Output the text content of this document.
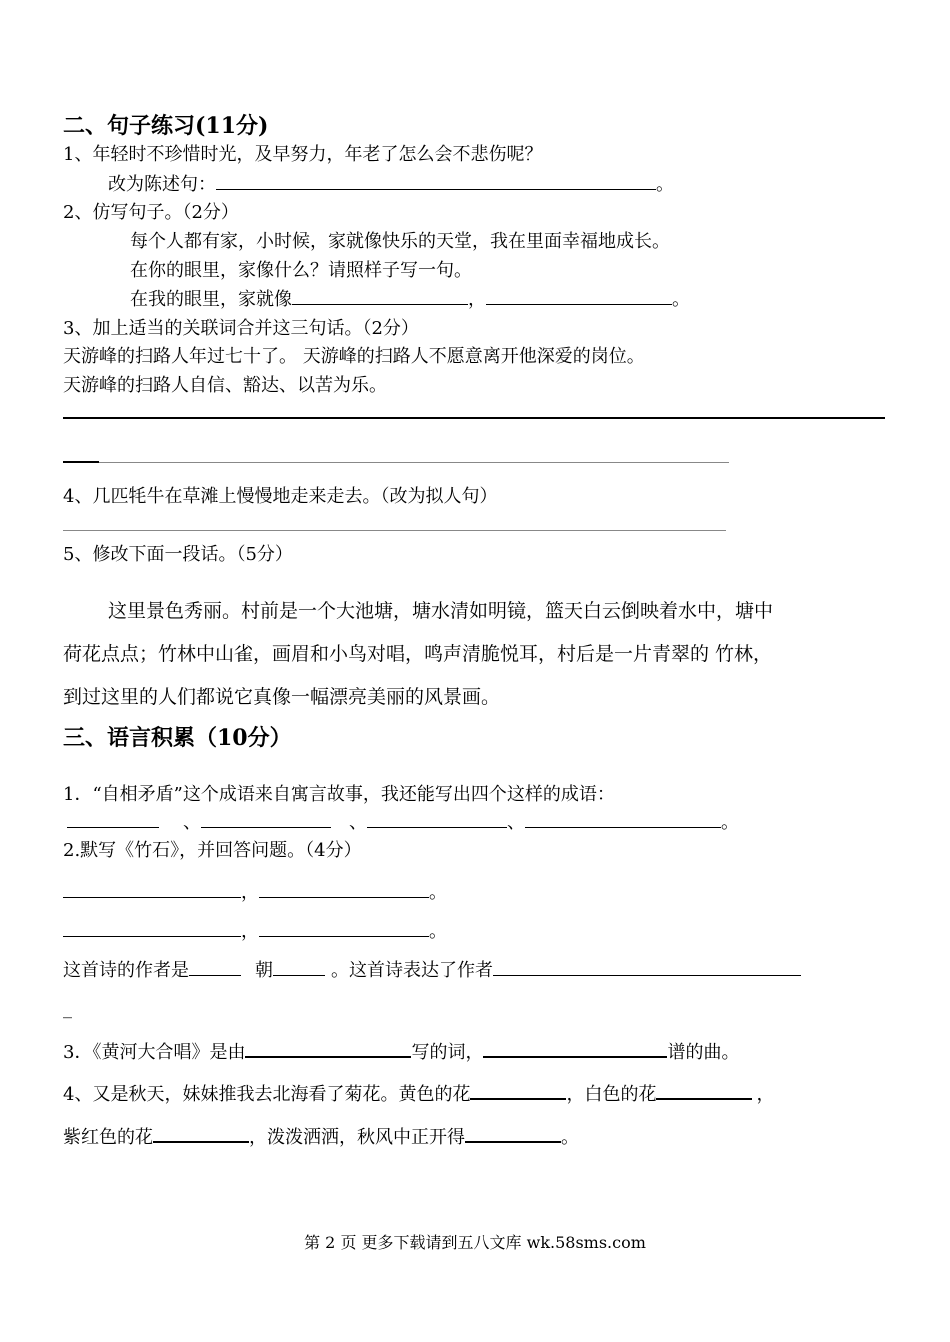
二、句子练习(11分)
1、年轻时不珍惜时光，及早努力，年老了怎么会不悲伤呢？
改为陈述句：	。
2、仿写句子。（2分）
每个人都有家，小时候，家就像快乐的天堂，我在里面幸福地成长。
在你的眼里，家像什么？请照样子写一句。
在我的眼里，家就像	，	。
3、加上适当的关联词合并这三句话。（2分）
天游峰的扫路人年过七十了。 天游峰的扫路人不愿意离开他深爱的岗位。
天游峰的扫路人自信、豁达、以苦为乐。
4、几匹牦牛在草滩上慢慢地走来走去。（改为拟人句）
5、修改下面一段话。（5分）
这里景色秀丽。村前是一个大池塘，塘水清如明镜，篮天白云倒映着水中，塘中
荷花点点；竹林中山雀，画眉和小鸟对唱，鸣声清脆悦耳，村后是一片青翠的 竹林，
到过这里的人们都说它真像一幅漂亮美丽的风景画。
三、语言积累（10分）
1．“自相矛盾”这个成语来自寓言故事，我还能写出四个这样的成语：
、	、	、	。
2.默写《竹石》，并回答问题。（4分）
，	。
，	。
这首诗的作者是	朝	。这首诗表达了作者
_
3．《黄河大合唱》是由	写的词，	谱的曲。
4、又是秋天，妹妹推我去北海看了菊花。黄色的花	，白色的花	，
紫红色的花	，泼泼洒洒，秋风中正开得	。
第 2 页 更多下载请到五八文库 wk.58sms.com
